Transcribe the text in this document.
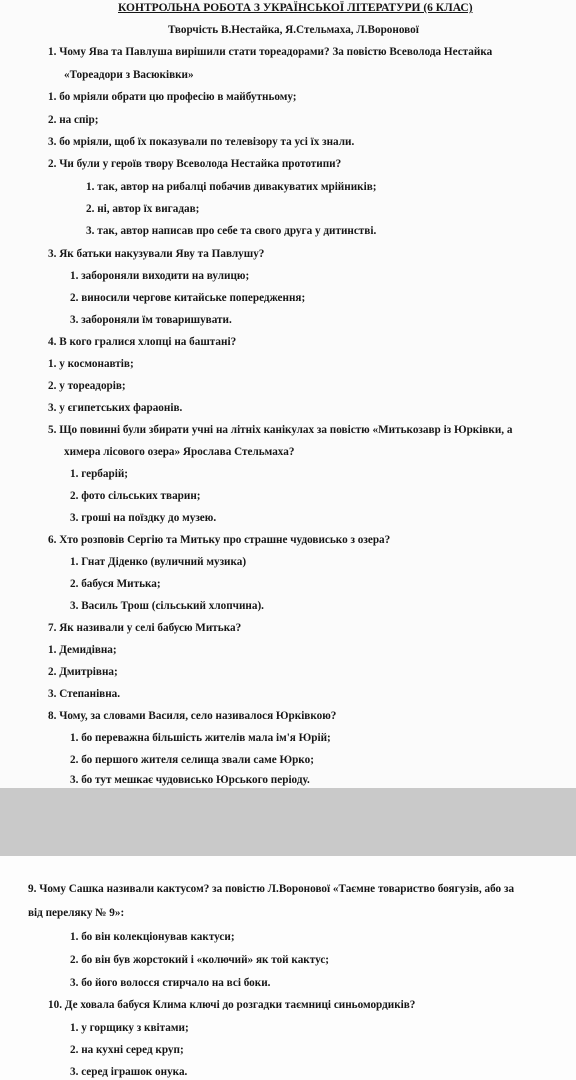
КОНТРОЛЬНА РОБОТА З УКРАЇНСЬКОЇ ЛІТЕРАТУРИ (6 КЛАС)
Творчість В.Нестайка, Я.Стельмаха, Л.Воронової
1. Чому Ява та Павлуша вирішили стати тореадорами? За повістю Всеволода Нестайка
«Тореадори з Васюківки»
1. бо мріяли обрати цю професію в майбутньому;
2. на спір;
3. бо мріяли, щоб їх показували по телевізору та усі їх знали.
2. Чи були у героїв твору Всеволода Нестайка прототипи?
1. так, автор на рибалці побачив дивакуватих мрійників;
2. ні, автор їх вигадав;
3. так, автор написав про себе та свого друга у дитинстві.
3. Як батьки накузували Яву та Павлушу?
1. забороняли виходити на вулицю;
2. виносили чергове китайське попередження;
3. забороняли їм товаришувати.
4. В кого гралися хлопці на баштані?
1. у космонавтів;
2. у тореадорів;
3. у єгипетських фараонів.
5. Що повинні були збирати учні на літніх канікулах за повістю «Митькозавр із Юрківки, а
химера лісового озера» Ярослава Стельмаха?
1. гербарій;
2. фото сільських тварин;
3. гроші на поїздку до музею.
6. Хто розповів Сергію та Митьку про страшне чудовисько з озера?
1. Гнат Діденко (вуличний музика)
2. бабуся Митька;
3. Василь Трош (сільський хлопчина).
7. Як називали у селі бабусю Митька?
1. Демидівна;
2. Дмитрівна;
3. Степанівна.
8. Чому, за словами Василя, село називалося Юрківкою?
1. бо переважна більшість жителів мала ім'я Юрій;
2. бо першого жителя селища звали саме Юрко;
3. бо тут мешкає чудовисько Юрського періоду.
9. Чому Сашка називали кактусом? за повістю Л.Воронової «Таємне товариство боягузів, або за
від переляку № 9»:
1. бо він колекціонував кактуси;
2. бо він був жорстокий і «колючий» як той кактус;
3. бо його волосся стирчало на всі боки.
10. Де ховала бабуся Клима ключі до розгадки таємниці синьомордиків?
1. у горщику з квітами;
2. на кухні серед круп;
3. серед іграшок онука.
